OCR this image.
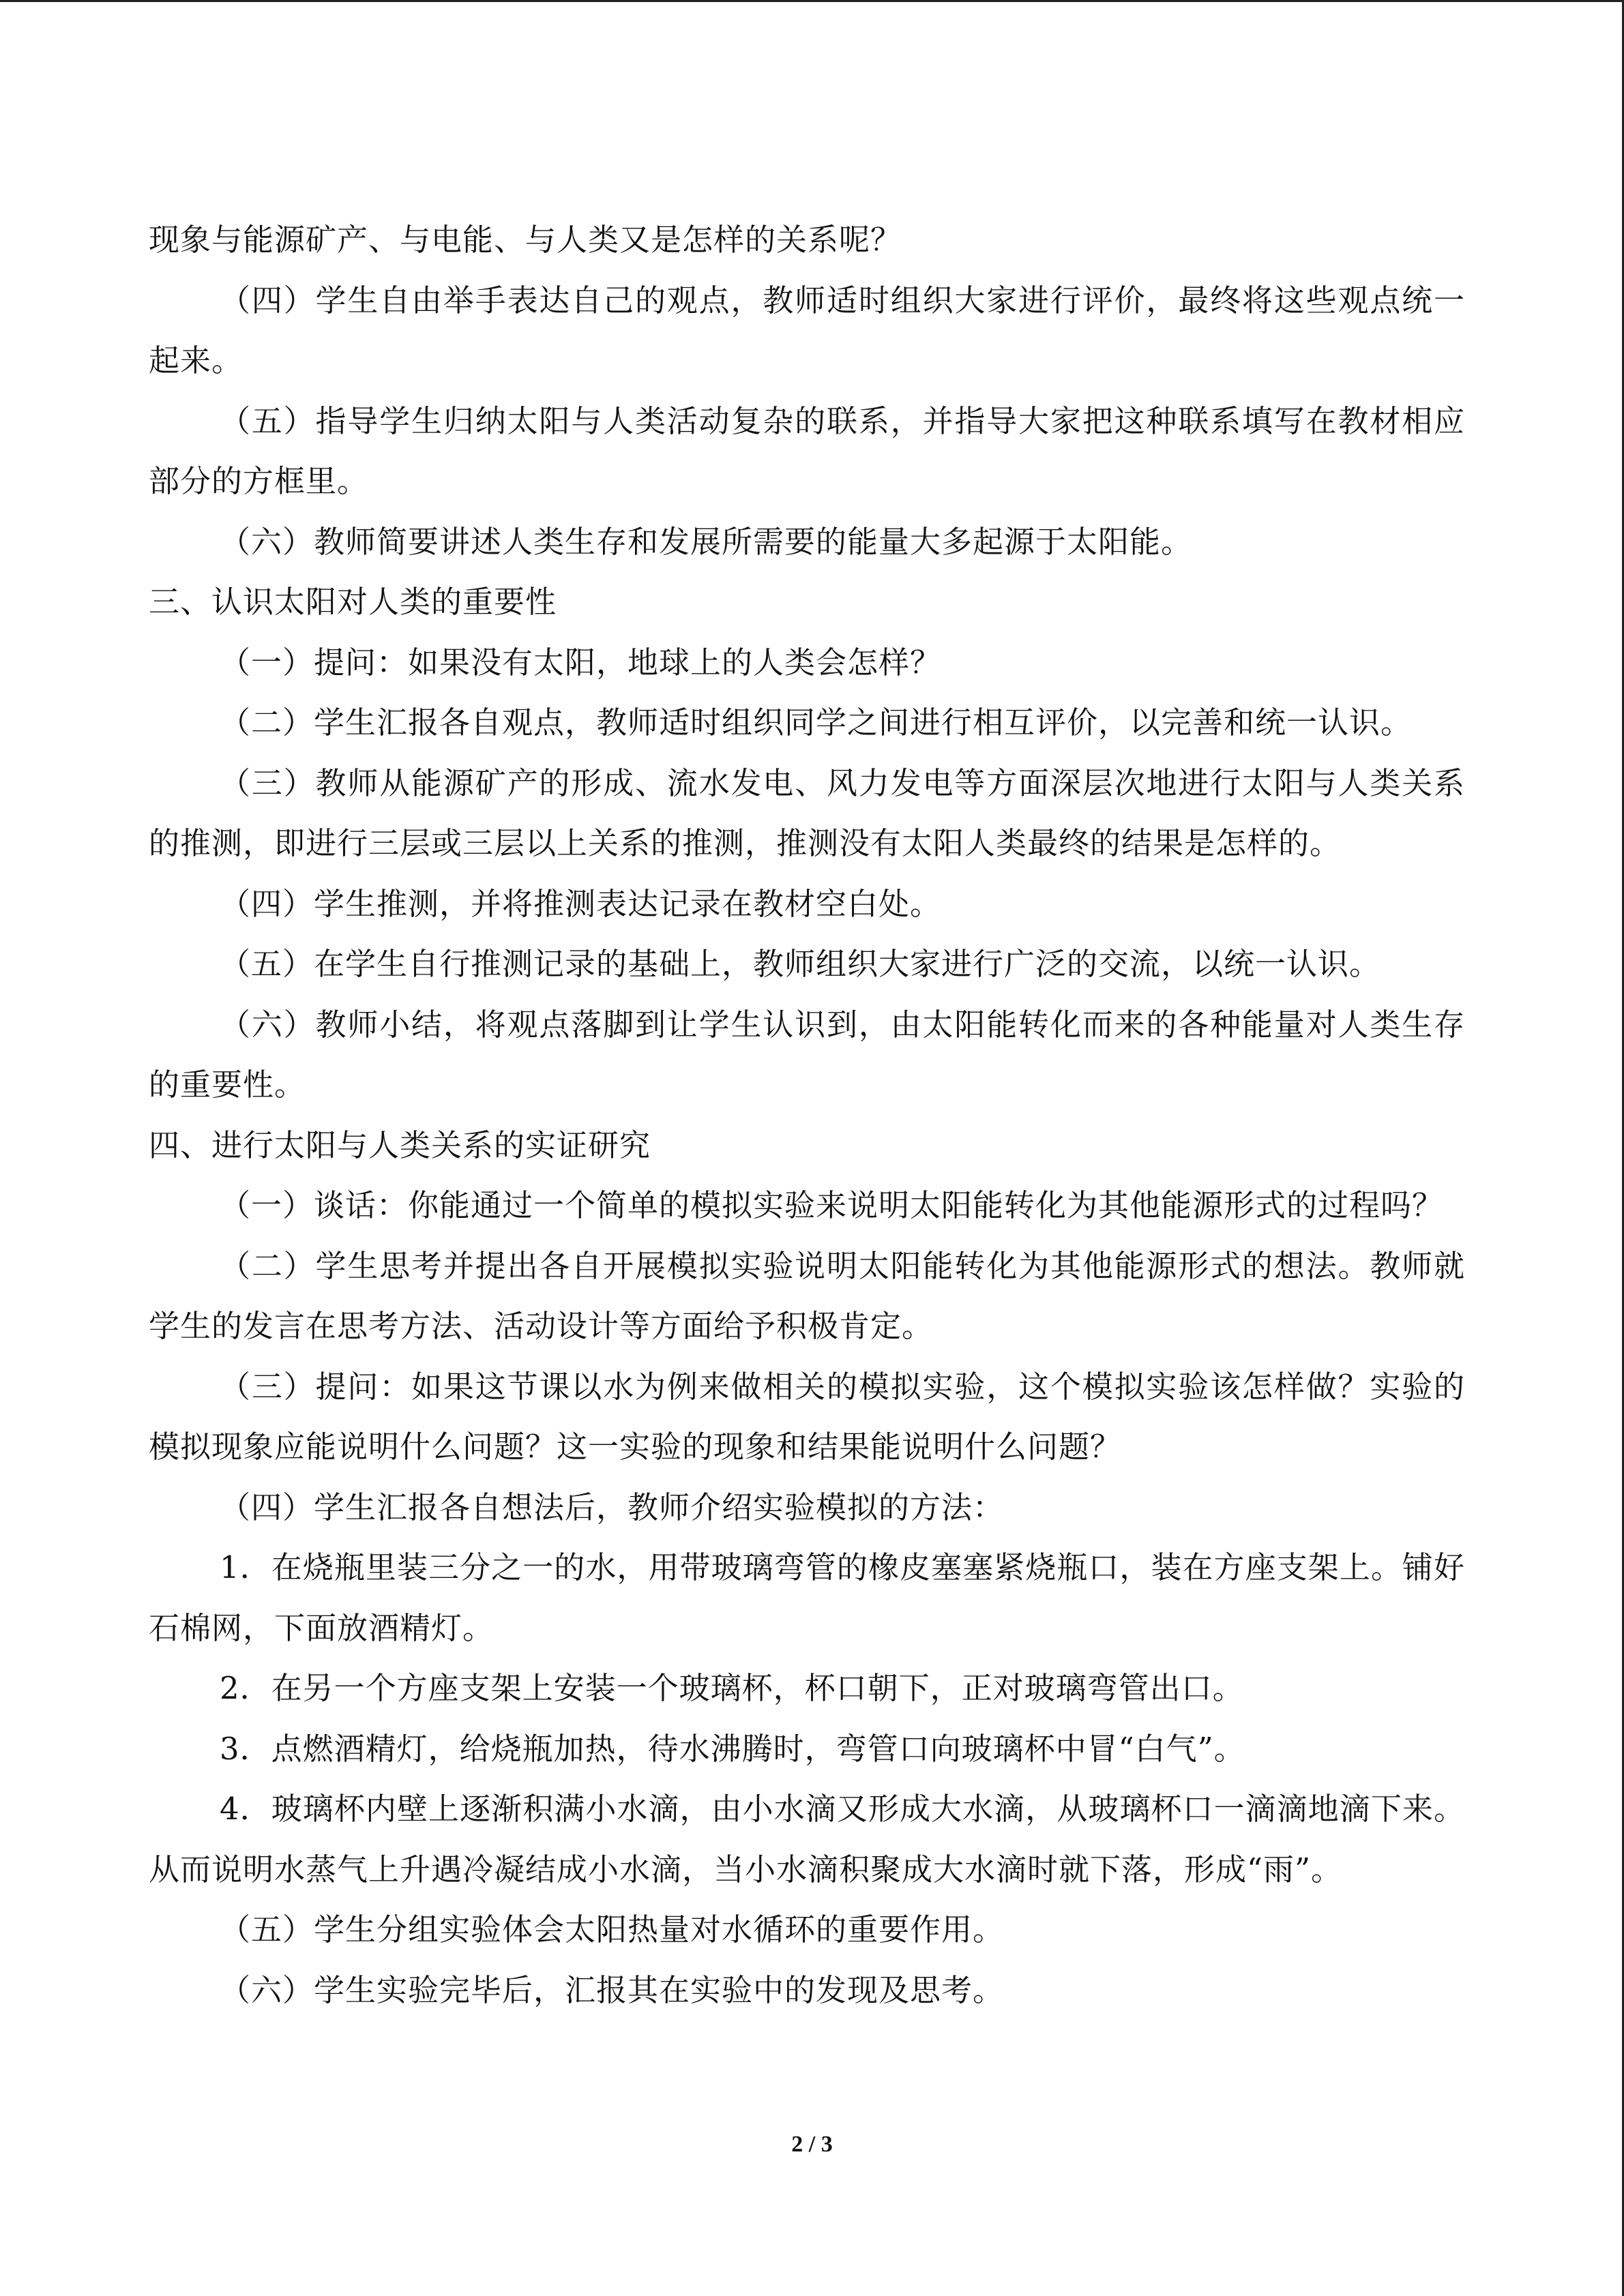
现象与能源矿产、与电能、与人类又是怎样的关系呢？

（四）学生自由举手表达自己的观点，教师适时组织大家进行评价，最终将这些观点统一起来。

（五）指导学生归纳太阳与人类活动复杂的联系，并指导大家把这种联系填写在教材相应部分的方框里。

（六）教师简要讲述人类生存和发展所需要的能量大多起源于太阳能。

三、认识太阳对人类的重要性

（一）提问：如果没有太阳，地球上的人类会怎样？

（二）学生汇报各自观点，教师适时组织同学之间进行相互评价，以完善和统一认识。

（三）教师从能源矿产的形成、流水发电、风力发电等方面深层次地进行太阳与人类关系的推测，即进行三层或三层以上关系的推测，推测没有太阳人类最终的结果是怎样的。

（四）学生推测，并将推测表达记录在教材空白处。

（五）在学生自行推测记录的基础上，教师组织大家进行广泛的交流，以统一认识。

（六）教师小结，将观点落脚到让学生认识到，由太阳能转化而来的各种能量对人类生存的重要性。

四、进行太阳与人类关系的实证研究

（一）谈话：你能通过一个简单的模拟实验来说明太阳能转化为其他能源形式的过程吗？

（二）学生思考并提出各自开展模拟实验说明太阳能转化为其他能源形式的想法。教师就学生的发言在思考方法、活动设计等方面给予积极肯定。

（三）提问：如果这节课以水为例来做相关的模拟实验，这个模拟实验该怎样做？实验的模拟现象应能说明什么问题？这一实验的现象和结果能说明什么问题？

（四）学生汇报各自想法后，教师介绍实验模拟的方法：

1．在烧瓶里装三分之一的水，用带玻璃弯管的橡皮塞塞紧烧瓶口，装在方座支架上。铺好石棉网，下面放酒精灯。

2．在另一个方座支架上安装一个玻璃杯，杯口朝下，正对玻璃弯管出口。

3．点燃酒精灯，给烧瓶加热，待水沸腾时，弯管口向玻璃杯中冒“白气”。

4．玻璃杯内壁上逐渐积满小水滴，由小水滴又形成大水滴，从玻璃杯口一滴滴地滴下来。从而说明水蒸气上升遇冷凝结成小水滴，当小水滴积聚成大水滴时就下落，形成“雨”。

（五）学生分组实验体会太阳热量对水循环的重要作用。

（六）学生实验完毕后，汇报其在实验中的发现及思考。

2 / 3
